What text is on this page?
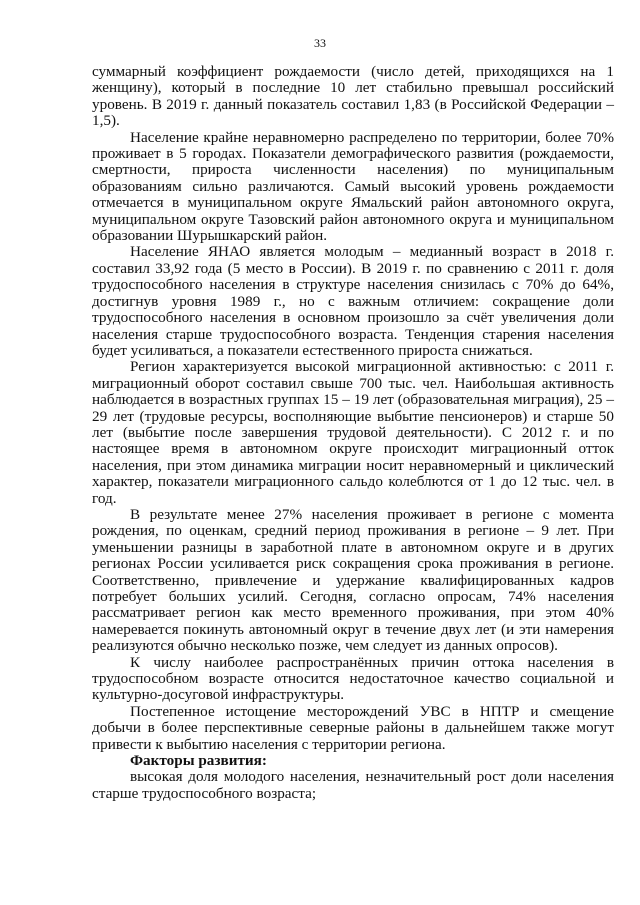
33

суммарный коэффициент рождаемости (число детей, приходящихся на 1 женщину), который в последние 10 лет стабильно превышал российский уровень. В 2019 г. данный показатель составил 1,83 (в Российской Федерации – 1,5).

Население крайне неравномерно распределено по территории, более 70% проживает в 5 городах. Показатели демографического развития (рождаемости, смертности, прироста численности населения) по муниципальным образованиям сильно различаются. Самый высокий уровень рождаемости отмечается в муниципальном округе Ямальский район автономного округа, муниципальном округе Тазовский район автономного округа и муниципальном образовании Шурышкарский район.

Население ЯНАО является молодым – медианный возраст в 2018 г. составил 33,92 года (5 место в России). В 2019 г. по сравнению с 2011 г. доля трудоспособного населения в структуре населения снизилась с 70% до 64%, достигнув уровня 1989 г., но с важным отличием: сокращение доли трудоспособного населения в основном произошло за счёт увеличения доли населения старше трудоспособного возраста. Тенденция старения населения будет усиливаться, а показатели естественного прироста снижаться.

Регион характеризуется высокой миграционной активностью: с 2011 г. миграционный оборот составил свыше 700 тыс. чел. Наибольшая активность наблюдается в возрастных группах 15 – 19 лет (образовательная миграция), 25 – 29 лет (трудовые ресурсы, восполняющие выбытие пенсионеров) и старше 50 лет (выбытие после завершения трудовой деятельности). С 2012 г. и по настоящее время в автономном округе происходит миграционный отток населения, при этом динамика миграции носит неравномерный и циклический характер, показатели миграционного сальдо колеблются от 1 до 12 тыс. чел. в год.

В результате менее 27% населения проживает в регионе с момента рождения, по оценкам, средний период проживания в регионе – 9 лет. При уменьшении разницы в заработной плате в автономном округе и в других регионах России усиливается риск сокращения срока проживания в регионе. Соответственно, привлечение и удержание квалифицированных кадров потребует больших усилий. Сегодня, согласно опросам, 74% населения рассматривает регион как место временного проживания, при этом 40% намеревается покинуть автономный округ в течение двух лет (и эти намерения реализуются обычно несколько позже, чем следует из данных опросов).

К числу наиболее распространённых причин оттока населения в трудоспособном возрасте относится недостаточное качество социальной и культурно-досуговой инфраструктуры.

Постепенное истощение месторождений УВС в НПТР и смещение добычи в более перспективные северные районы в дальнейшем также могут привести к выбытию населения с территории региона.

Факторы развития:

высокая доля молодого населения, незначительный рост доли населения старше трудоспособного возраста;
